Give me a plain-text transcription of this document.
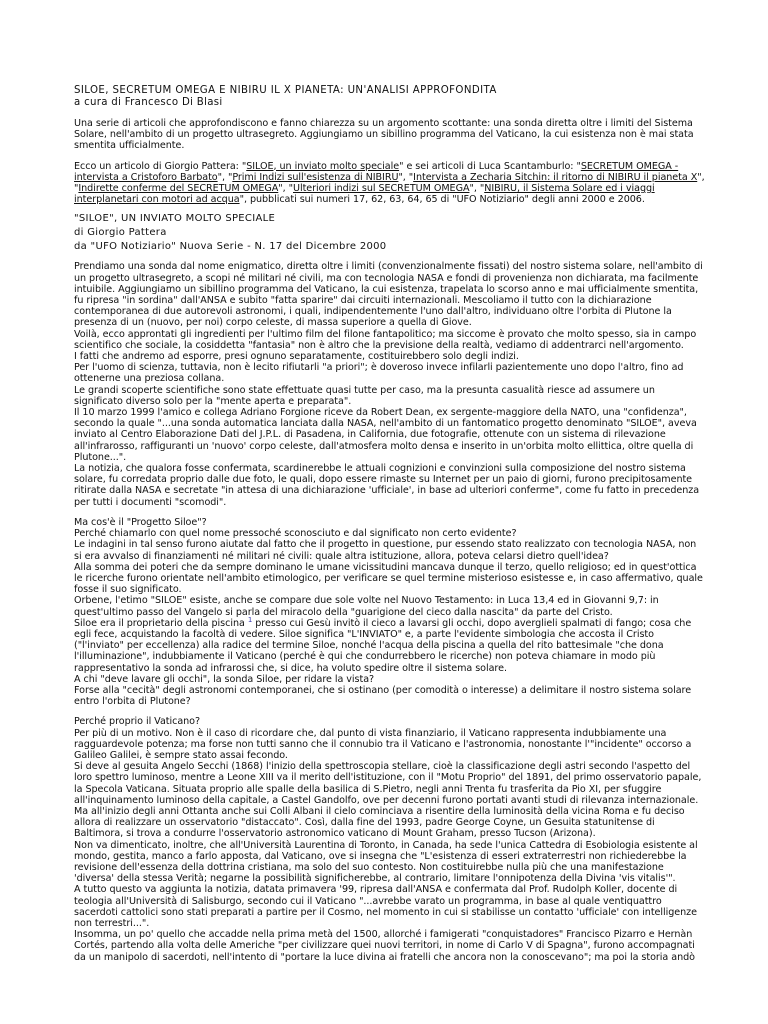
SILOE, SECRETUM OMEGA E NIBIRU IL X PIANETA: UN'ANALISI APPROFONDITA

a cura di Francesco Di Blasi

Una serie di articoli che approfondiscono e fanno chiarezza su un argomento scottante: una sonda diretta oltre i limiti del Sistema Solare, nell'ambito di un progetto ultrasegreto. Aggiungiamo un sibillino programma del Vaticano, la cui esistenza non è mai stata smentita ufficialmente.

Ecco un articolo di Giorgio Pattera: "SILOE, un inviato molto speciale" e sei articoli di Luca Scantamburlo: "SECRETUM OMEGA - intervista a Cristoforo Barbato", "Primi Indizi sull'esistenza di NIBIRU", "Intervista a Zecharia Sitchin: il ritorno di NIBIRU il pianeta X", "Indirette conferme del SECRETUM OMEGA", "Ulteriori indizi sul SECRETUM OMEGA", "NIBIRU, il Sistema Solare ed i viaggi interplanetari con motori ad acqua", pubblicati sui numeri 17, 62, 63, 64, 65 di "UFO Notiziario" degli anni 2000 e 2006.

"SILOE", UN INVIATO MOLTO SPECIALE

di Giorgio Pattera

da "UFO Notiziario" Nuova Serie - N. 17 del Dicembre 2000

Prendiamo una sonda dal nome enigmatico, diretta oltre i limiti (convenzionalmente fissati) del nostro sistema solare, nell'ambito di un progetto ultrasegreto, a scopi né militari né civili, ma con tecnologia NASA e fondi di provenienza non dichiarata, ma facilmente intuibile. Aggiungiamo un sibillino programma del Vaticano, la cui esistenza, trapelata lo scorso anno e mai ufficialmente smentita, fu ripresa "in sordina" dall'ANSA e subito "fatta sparire" dai circuiti internazionali. Mescoliamo il tutto con la dichiarazione contemporanea di due autorevoli astronomi, i quali, indipendentemente l'uno dall'altro, individuano oltre l'orbita di Plutone la presenza di un (nuovo, per noi) corpo celeste, di massa superiore a quella di Giove.

Voilà, ecco approntati gli ingredienti per l'ultimo film del filone fantapolitico; ma siccome è provato che molto spesso, sia in campo scientifico che sociale, la cosiddetta "fantasia" non è altro che la previsione della realtà, vediamo di addentrarci nell'argomento.

I fatti che andremo ad esporre, presi ognuno separatamente, costituirebbero solo degli indizi.

Per l'uomo di scienza, tuttavia, non è lecito rifiutarli "a priori"; è doveroso invece infilarli pazientemente uno dopo l'altro, fino ad ottenerne una preziosa collana.

Le grandi scoperte scientifiche sono state effettuate quasi tutte per caso, ma la presunta casualità riesce ad assumere un significato diverso solo per la "mente aperta e preparata".

Il 10 marzo 1999 l'amico e collega Adriano Forgione riceve da Robert Dean, ex sergente-maggiore della NATO, una "confidenza", secondo la quale "...una sonda automatica lanciata dalla NASA, nell'ambito di un fantomatico progetto denominato "SILOE", aveva inviato al Centro Elaborazione Dati del J.P.L. di Pasadena, in California, due fotografie, ottenute con un sistema di rilevazione all'infrarosso, raffiguranti un 'nuovo' corpo celeste, dall'atmosfera molto densa e inserito in un'orbita molto ellittica, oltre quella di Plutone...".

La notizia, che qualora fosse confermata, scardinerebbe le attuali cognizioni e convinzioni sulla composizione del nostro sistema solare, fu corredata proprio dalle due foto, le quali, dopo essere rimaste su Internet per un paio di giorni, furono precipitosamente ritirate dalla NASA e secretate "in attesa di una dichiarazione 'ufficiale', in base ad ulteriori conferme", come fu fatto in precedenza per tutti i documenti "scomodi".

Ma cos'è il "Progetto Siloe"?

Perché chiamarlo con quel nome pressoché sconosciuto e dal significato non certo evidente?

Le indagini in tal senso furono aiutate dal fatto che il progetto in questione, pur essendo stato realizzato con tecnologia NASA, non si era avvalso di finanziamenti né militari né civili: quale altra istituzione, allora, poteva celarsi dietro quell'idea?

Alla somma dei poteri che da sempre dominano le umane vicissitudini mancava dunque il terzo, quello religioso; ed in quest'ottica le ricerche furono orientate nell'ambito etimologico, per verificare se quel termine misterioso esistesse e, in caso affermativo, quale fosse il suo significato.

Orbene, l'etimo "SILOE" esiste, anche se compare due sole volte nel Nuovo Testamento: in Luca 13,4 ed in Giovanni 9,7: in quest'ultimo passo del Vangelo si parla del miracolo della "guarigione del cieco dalla nascita" da parte del Cristo.

Siloe era il proprietario della piscina $^1$ presso cui Gesù invitò il cieco a lavarsi gli occhi, dopo averglieli spalmati di fango; cosa che egli fece, acquistando la facoltà di vedere. Siloe significa "L'INVIATO" e, a parte l'evidente simbologia che accosta il Cristo ("l'inviato" per eccellenza) alla radice del termine Siloe, nonché l'acqua della piscina a quella del rito battesimale "che dona l'illuminazione", indubbiamente il Vaticano (perché è qui che condurrebbero le ricerche) non poteva chiamare in modo più rappresentativo la sonda ad infrarossi che, si dice, ha voluto spedire oltre il sistema solare.

A chi "deve lavare gli occhi", la sonda Siloe, per ridare la vista?

Forse alla "cecità" degli astronomi contemporanei, che si ostinano (per comodità o interesse) a delimitare il nostro sistema solare entro l'orbita di Plutone?

Perché proprio il Vaticano?

Per più di un motivo. Non è il caso di ricordare che, dal punto di vista finanziario, il Vaticano rappresenta indubbiamente una ragguardevole potenza; ma forse non tutti sanno che il connubio tra il Vaticano e l'astronomia, nonostante l'"incidente" occorso a Galileo Galilei, è sempre stato assai fecondo.

Si deve al gesuita Angelo Secchi (1868) l'inizio della spettroscopia stellare, cioè la classificazione degli astri secondo l'aspetto del loro spettro luminoso, mentre a Leone XIII va il merito dell'istituzione, con il "Motu Proprio" del 1891, del primo osservatorio papale, la Specola Vaticana. Situata proprio alle spalle della basilica di S.Pietro, negli anni Trenta fu trasferita da Pio XI, per sfuggire all'inquinamento luminoso della capitale, a Castel Gandolfo, ove per decenni furono portati avanti studi di rilevanza internazionale. Ma all'inizio degli anni Ottanta anche sui Colli Albani il cielo cominciava a risentire della luminosità della vicina Roma e fu deciso allora di realizzare un osservatorio "distaccato". Così, dalla fine del 1993, padre George Coyne, un Gesuita statunitense di Baltimora, si trova a condurre l'osservatorio astronomico vaticano di Mount Graham, presso Tucson (Arizona).

Non va dimenticato, inoltre, che all'Università Laurentina di Toronto, in Canada, ha sede l'unica Cattedra di Esobiologia esistente al mondo, gestita, manco a farlo apposta, dal Vaticano, ove si insegna che "L'esistenza di esseri extraterrestri non richiederebbe la revisione dell'essenza della dottrina cristiana, ma solo del suo contesto. Non costituirebbe nulla più che una manifestazione 'diversa' della stessa Verità; negarne la possibilità significherebbe, al contrario, limitare l'onnipotenza della Divina 'vis vitalis'".

A tutto questo va aggiunta la notizia, datata primavera '99, ripresa dall'ANSA e confermata dal Prof. Rudolph Koller, docente di teologia all'Università di Salisburgo, secondo cui il Vaticano "...avrebbe varato un programma, in base al quale ventiquattro sacerdoti cattolici sono stati preparati a partire per il Cosmo, nel momento in cui si stabilisse un contatto 'ufficiale' con intelligenze non terrestri...".

Insomma, un po' quello che accadde nella prima metà del 1500, allorché i famigerati "conquistadores" Francisco Pizarro e Hernàn Cortés, partendo alla volta delle Americhe "per civilizzare quei nuovi territori, in nome di Carlo V di Spagna", furono accompagnati da un manipolo di sacerdoti, nell'intento di "portare la luce divina ai fratelli che ancora non la conoscevano"; ma poi la storia andò
